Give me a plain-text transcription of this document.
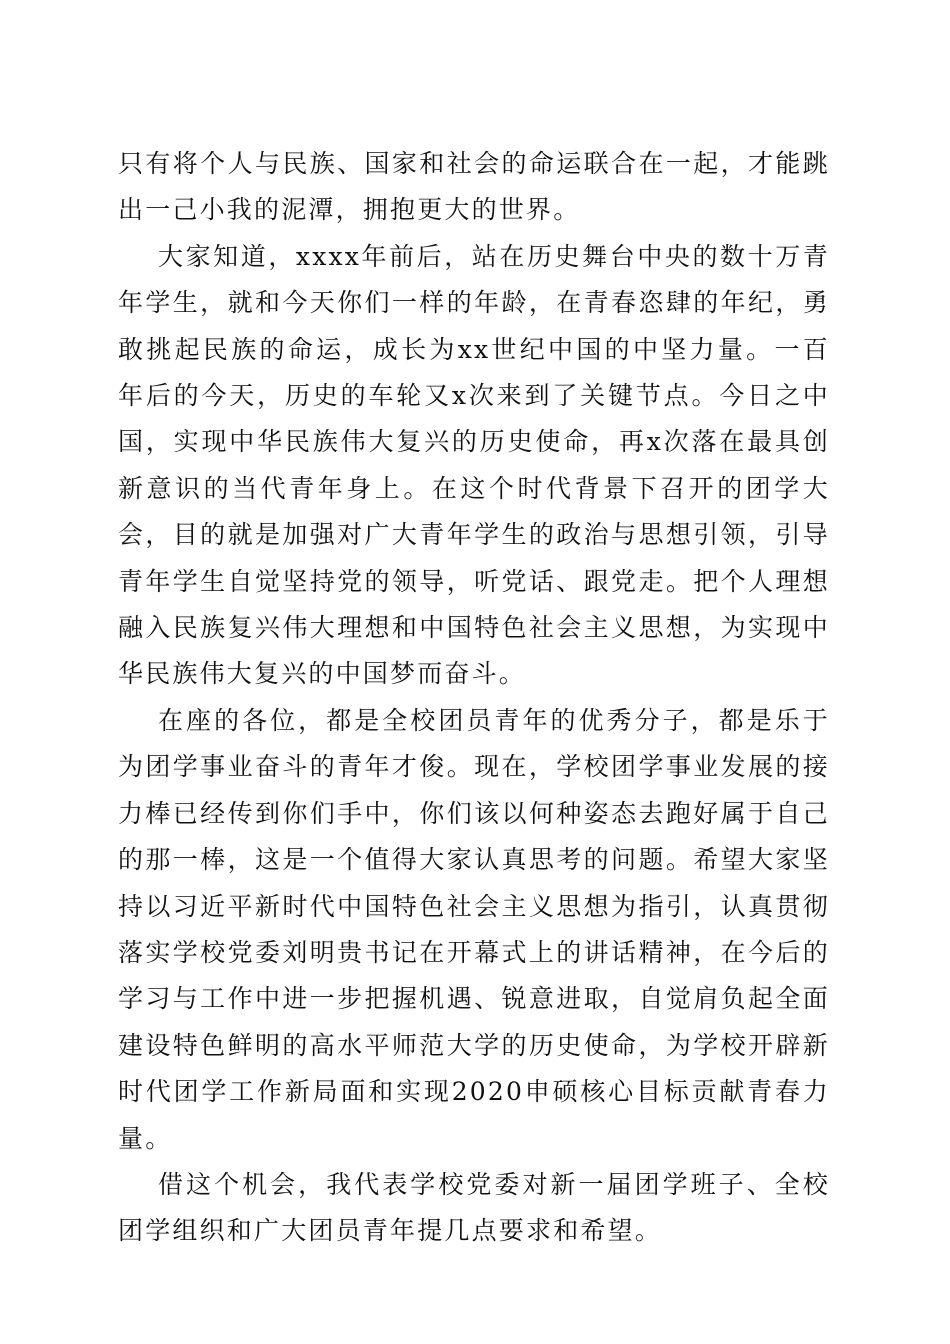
只有将个人与民族、国家和社会的命运联合在一起，才能跳出一己小我的泥潭，拥抱更大的世界。

大家知道，xxxx年前后，站在历史舞台中央的数十万青年学生，就和今天你们一样的年龄，在青春恣肆的年纪，勇敢挑起民族的命运，成长为xx世纪中国的中坚力量。一百年后的今天，历史的车轮又x次来到了关键节点。今日之中国，实现中华民族伟大复兴的历史使命，再x次落在最具创新意识的当代青年身上。在这个时代背景下召开的团学大会，目的就是加强对广大青年学生的政治与思想引领，引导青年学生自觉坚持党的领导，听党话、跟党走。把个人理想融入民族复兴伟大理想和中国特色社会主义思想，为实现中华民族伟大复兴的中国梦而奋斗。

在座的各位，都是全校团员青年的优秀分子，都是乐于为团学事业奋斗的青年才俊。现在，学校团学事业发展的接力棒已经传到你们手中，你们该以何种姿态去跑好属于自己的那一棒，这是一个值得大家认真思考的问题。希望大家坚持以习近平新时代中国特色社会主义思想为指引，认真贯彻落实学校党委刘明贵书记在开幕式上的讲话精神，在今后的学习与工作中进一步把握机遇、锐意进取，自觉肩负起全面建设特色鲜明的高水平师范大学的历史使命，为学校开辟新时代团学工作新局面和实现2020申硕核心目标贡献青春力量。

借这个机会，我代表学校党委对新一届团学班子、全校团学组织和广大团员青年提几点要求和希望。
